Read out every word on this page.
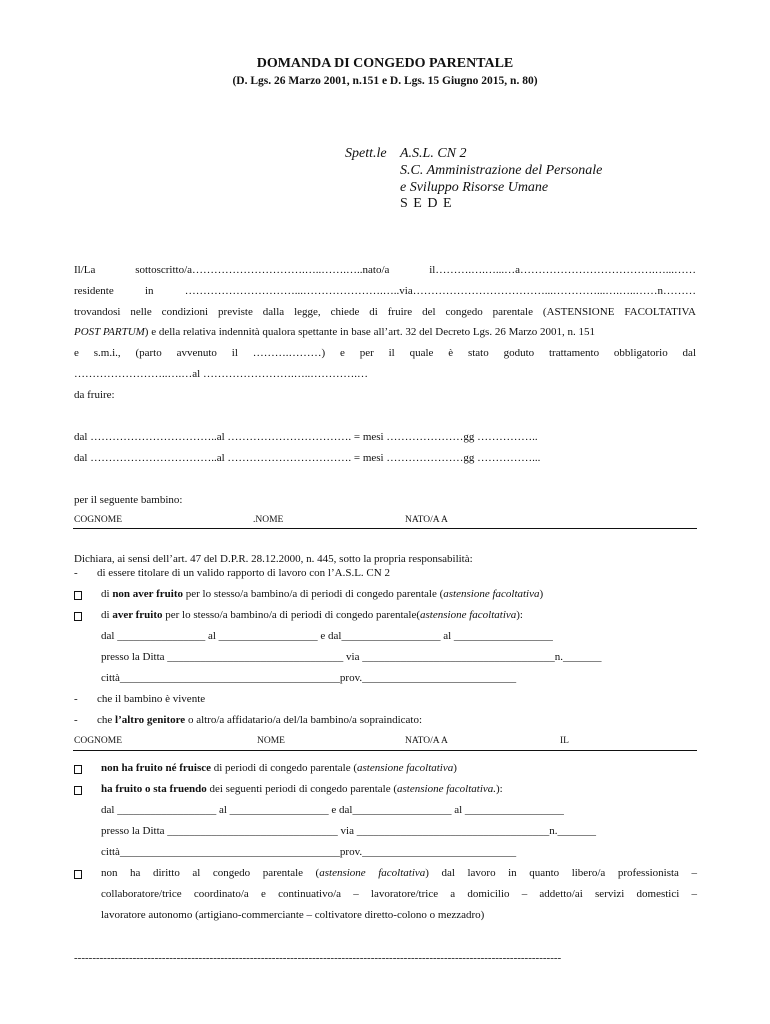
DOMANDA DI CONGEDO PARENTALE
(D. Lgs. 26 Marzo 2001, n.151 e D. Lgs. 15 Giugno 2015, n. 80)
Spett.le A.S.L. CN 2
S.C. Amministrazione del Personale
e Sviluppo Risorse Umane
S E D E
Il/La sottoscritto/a………………………….…..…….…..nato/a il……….….…...…a……………………………….…...……
residente in …………………………...………………….…..via………………………………...…………...….…..……n………
trovandosi nelle condizioni previste dalla legge, chiede di fruire del congedo parentale (ASTENSIONE FACOLTATIVA
POST PARTUM) e della relativa indennità qualora spettante in base all’art. 32 del Decreto Lgs. 26 Marzo 2001, n. 151
e s.m.i., (parto avvenuto il ……….………) e per il quale è stato goduto trattamento obbligatorio dal
……………………..….…al …………………….…..………….…
da fruire:
dal ……………………………..al ……………………………. = mesi …………………gg ……………..
dal ……………………………..al ……………………………. = mesi …………………gg ……………...
per il seguente bambino:
COGNOME	.NOME	NATO/A A
Dichiara, ai sensi dell’art. 47 del D.P.R. 28.12.2000, n. 445, sotto la propria responsabilità:
- di essere titolare di un valido rapporto di lavoro con l’A.S.L. CN 2
di non aver fruito per lo stesso/a bambino/a di periodi di congedo parentale (astensione facoltativa)
di aver fruito per lo stesso/a bambino/a di periodi di congedo parentale(astensione facoltativa):
dal ________________ al __________________ e dal__________________ al __________________
presso la Ditta ________________________________ via ___________________________________n._______
città________________________________________prov.____________________________
- che il bambino è vivente
- che l’altro genitore o altro/a affidatario/a del/la bambino/a sopraindicato:
COGNOME	NOME	NATO/A A	IL
non ha fruito né fruisce di periodi di congedo parentale (astensione facoltativa)
ha fruito o sta fruendo dei seguenti periodi di congedo parentale (astensione facoltativa.):
dal __________________ al __________________ e dal__________________ al __________________
presso la Ditta _______________________________ via ___________________________________n._______
città________________________________________prov.____________________________
non ha diritto al congedo parentale (astensione facoltativa) dal lavoro in quanto libero/a professionista –
collaboratore/trice coordinato/a e continuativo/a – lavoratore/trice a domicilio – addetto/ai servizi domestici –
lavoratore autonomo (artigiano-commerciante – coltivatore diretto-colono o mezzadro)
-------------------------------------------------------------------------------------------------------------------------------------
